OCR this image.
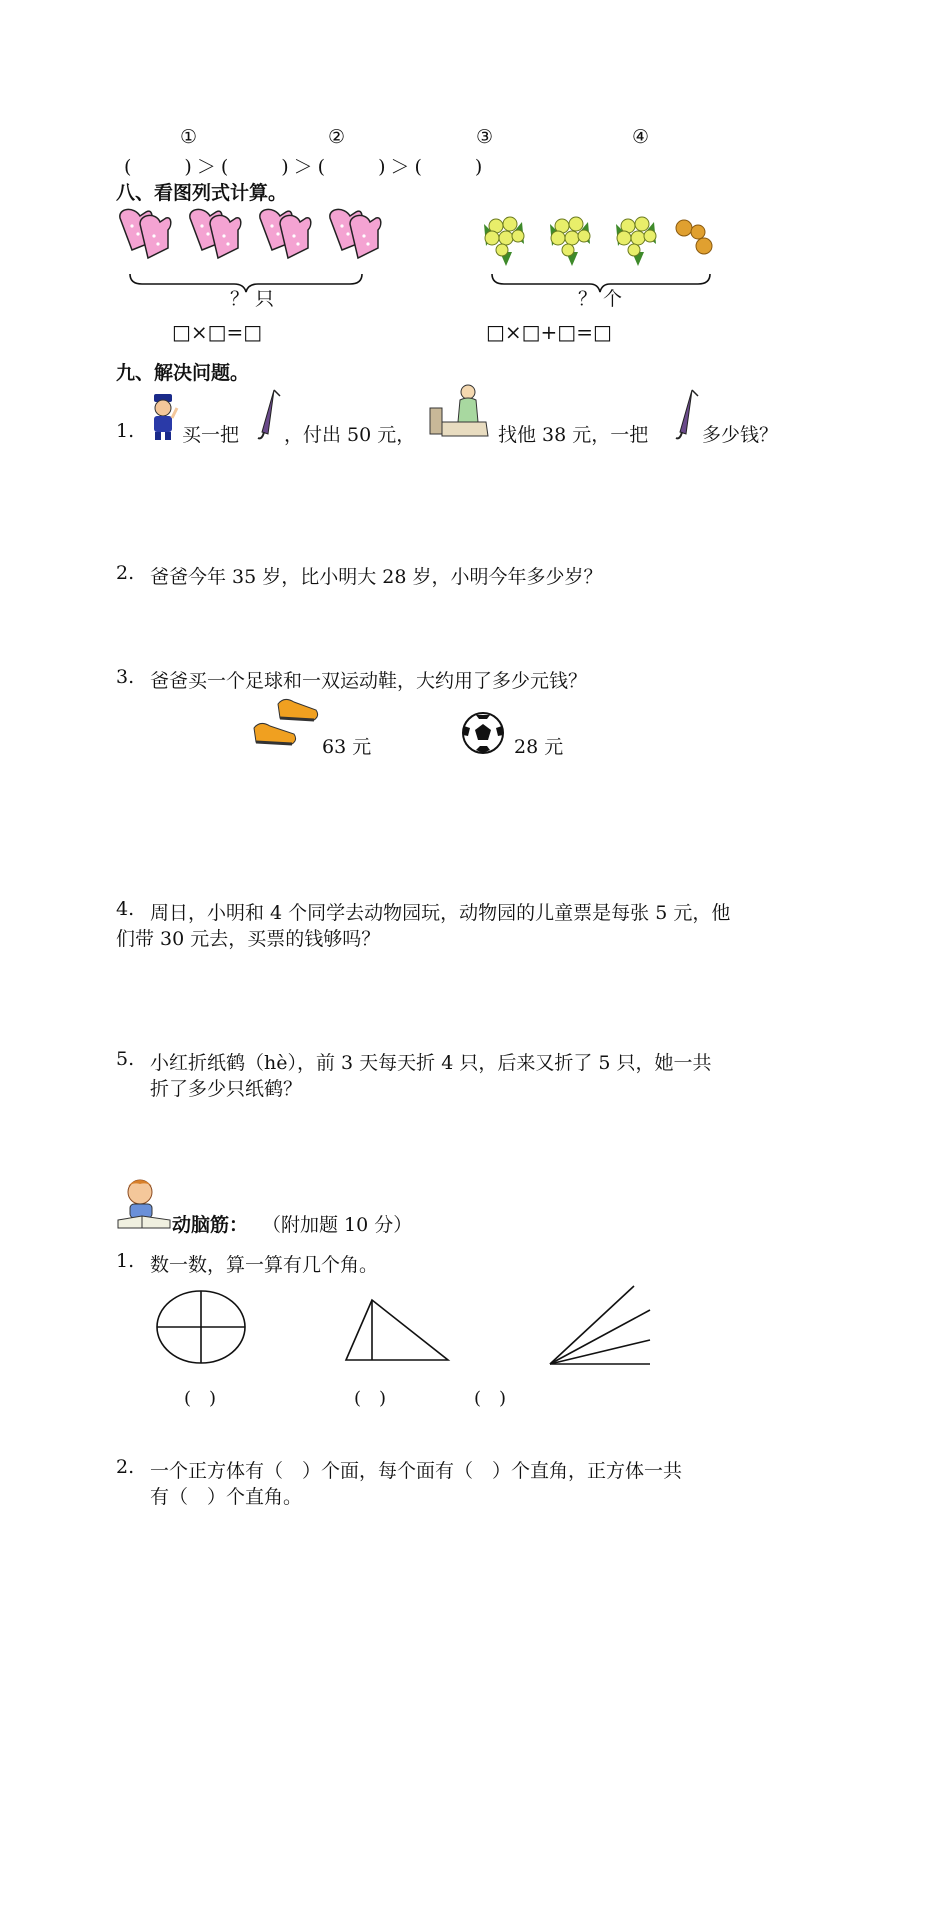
①	②	③	④
(　　)＞(　　)＞(　　)＞(　　)
八、看图列式计算。
？只	？个
□×□=□	□×□+□=□
九、解决问题。
1.	买一把 ，付出 50 元，	找他 38 元，一把	多少钱？
2. 爸爸今年 35 岁，比小明大 28 岁，小明今年多少岁？
3. 爸爸买一个足球和一双运动鞋，大约用了多少元钱？
63 元	28 元
4. 周日，小明和 4 个同学去动物园玩，动物园的儿童票是每张 5 元，他
们带 30 元去，买票的钱够吗？
5. 小红折纸鹤（hè），前 3 天每天折 4 只，后来又折了 5 只，她一共
折了多少只纸鹤？
动脑筋： （附加题 10 分）
1. 数一数，算一算有几个角。
(　)	(　)	(　)
2. 一个正方体有（　）个面，每个面有（　）个直角，正方体一共
有（　）个直角。
